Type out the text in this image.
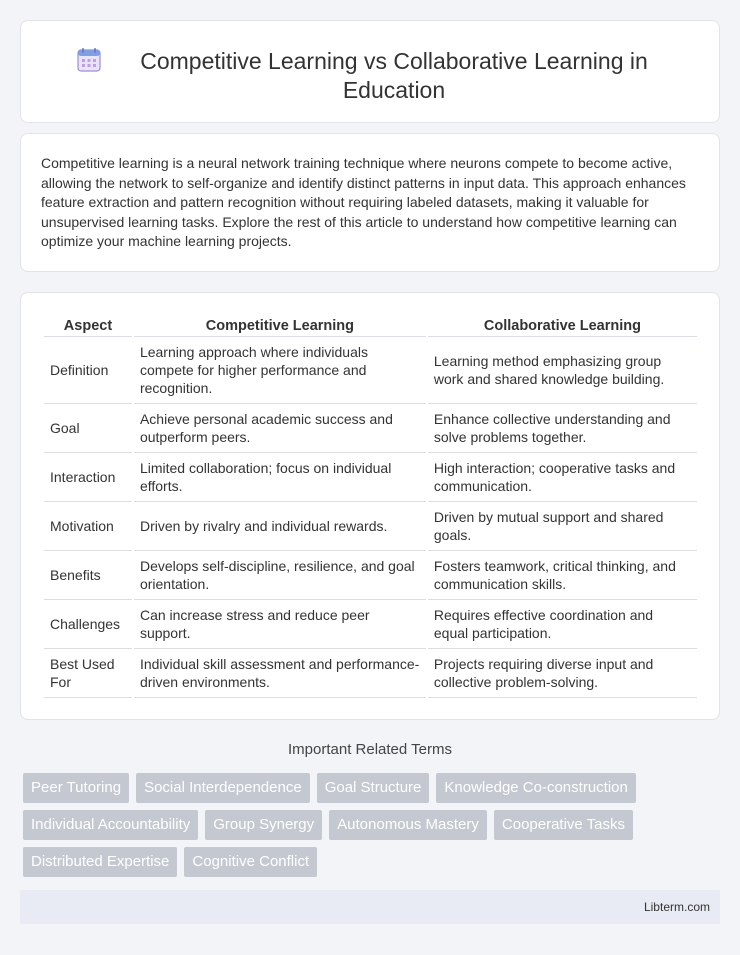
Competitive Learning vs Collaborative Learning in Education

Competitive learning is a neural network training technique where neurons compete to become active, allowing the network to self-organize and identify distinct patterns in input data. This approach enhances feature extraction and pattern recognition without requiring labeled datasets, making it valuable for unsupervised learning tasks. Explore the rest of this article to understand how competitive learning can optimize your machine learning projects.

Aspect	Competitive Learning	Collaborative Learning
Definition	Learning approach where individuals compete for higher performance and recognition.	Learning method emphasizing group work and shared knowledge building.
Goal	Achieve personal academic success and outperform peers.	Enhance collective understanding and solve problems together.
Interaction	Limited collaboration; focus on individual efforts.	High interaction; cooperative tasks and communication.
Motivation	Driven by rivalry and individual rewards.	Driven by mutual support and shared goals.
Benefits	Develops self-discipline, resilience, and goal orientation.	Fosters teamwork, critical thinking, and communication skills.
Challenges	Can increase stress and reduce peer support.	Requires effective coordination and equal participation.
Best Used For	Individual skill assessment and performance-driven environments.	Projects requiring diverse input and collective problem-solving.
Important Related Terms
Peer Tutoring	Social Interdependence	Goal Structure	Knowledge Co-construction
Individual Accountability	Group Synergy	Autonomous Mastery	Cooperative Tasks
Distributed Expertise	Cognitive Conflict
Libterm.com
